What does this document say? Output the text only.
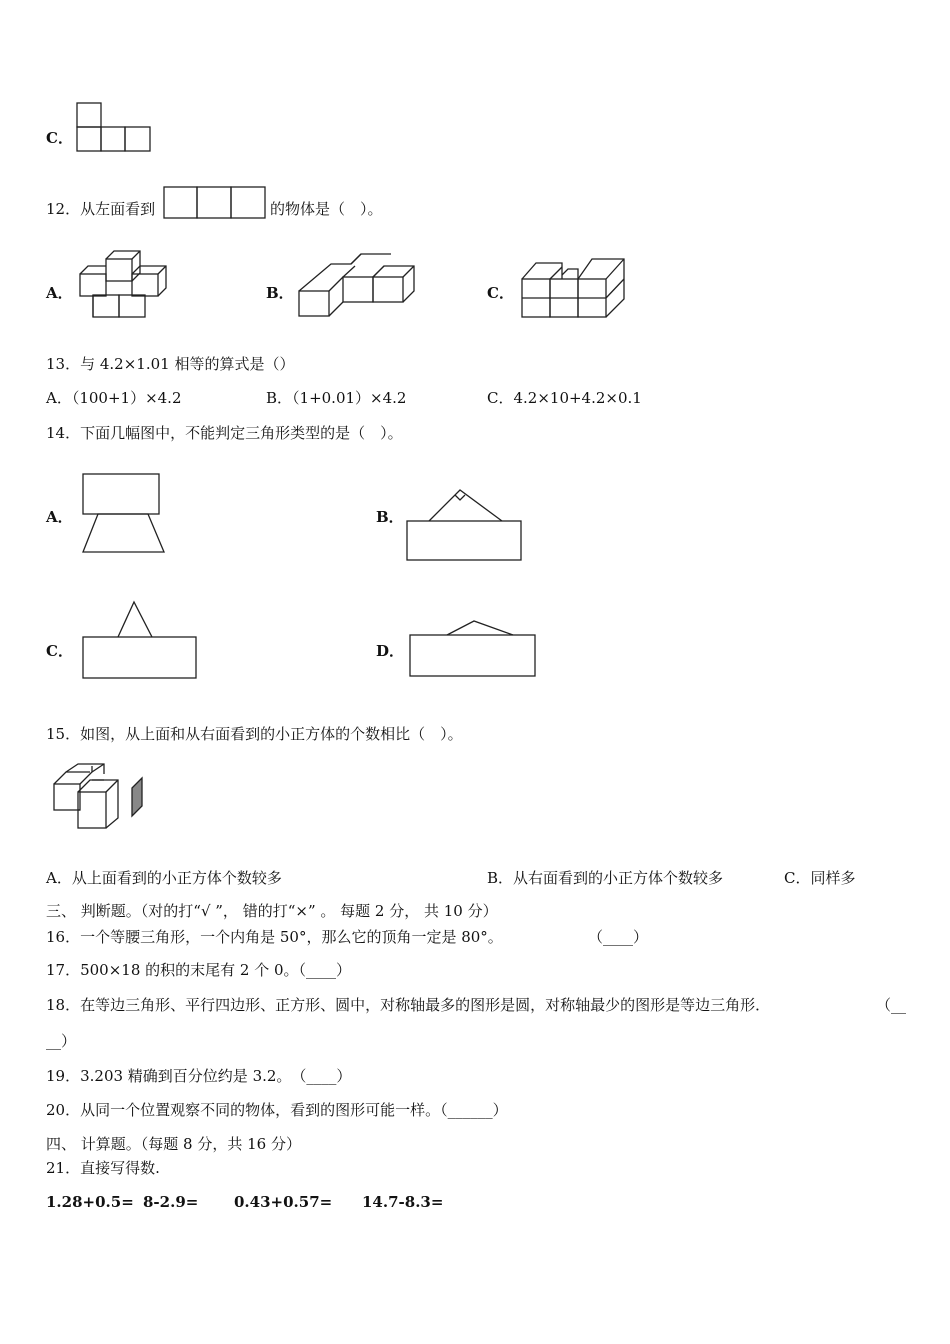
C．
12．从左面看到	的物体是（　）。
A．	B．	C．
13．与 4.2×1.01 相等的算式是（）
A．（100+1）×4.2	B．（1+0.01）×4.2	C．4.2×10+4.2×0.1
14．下面几幅图中，不能判定三角形类型的是（　）。
A．	B．
C．	D．
15．如图，从上面和从右面看到的小正方体的个数相比（　）。
A．从上面看到的小正方体个数较多	B．从右面看到的小正方体个数较多	C．同样多
三、 判断题。（对的打“√ ”， 错的打“×” 。 每题 2 分， 共 10 分）
16．一个等腰三角形，一个内角是 50°，那么它的顶角一定是 80°。	（____）
17．500×18 的积的末尾有 2 个 0。（____）
18．在等边三角形、平行四边形、正方形、圆中，对称轴最多的图形是圆，对称轴最少的图形是等边三角形．	（__
__）
19．3.203 精确到百分位约是 3.2。　（____）
20．从同一个位置观察不同的物体，看到的图形可能一样。（______）
四、 计算题。（每题 8 分，共 16 分）
21．直接写得数.
1.28+0.5= 8-2.9= 0.43+0.57= 14.7-8.3=
